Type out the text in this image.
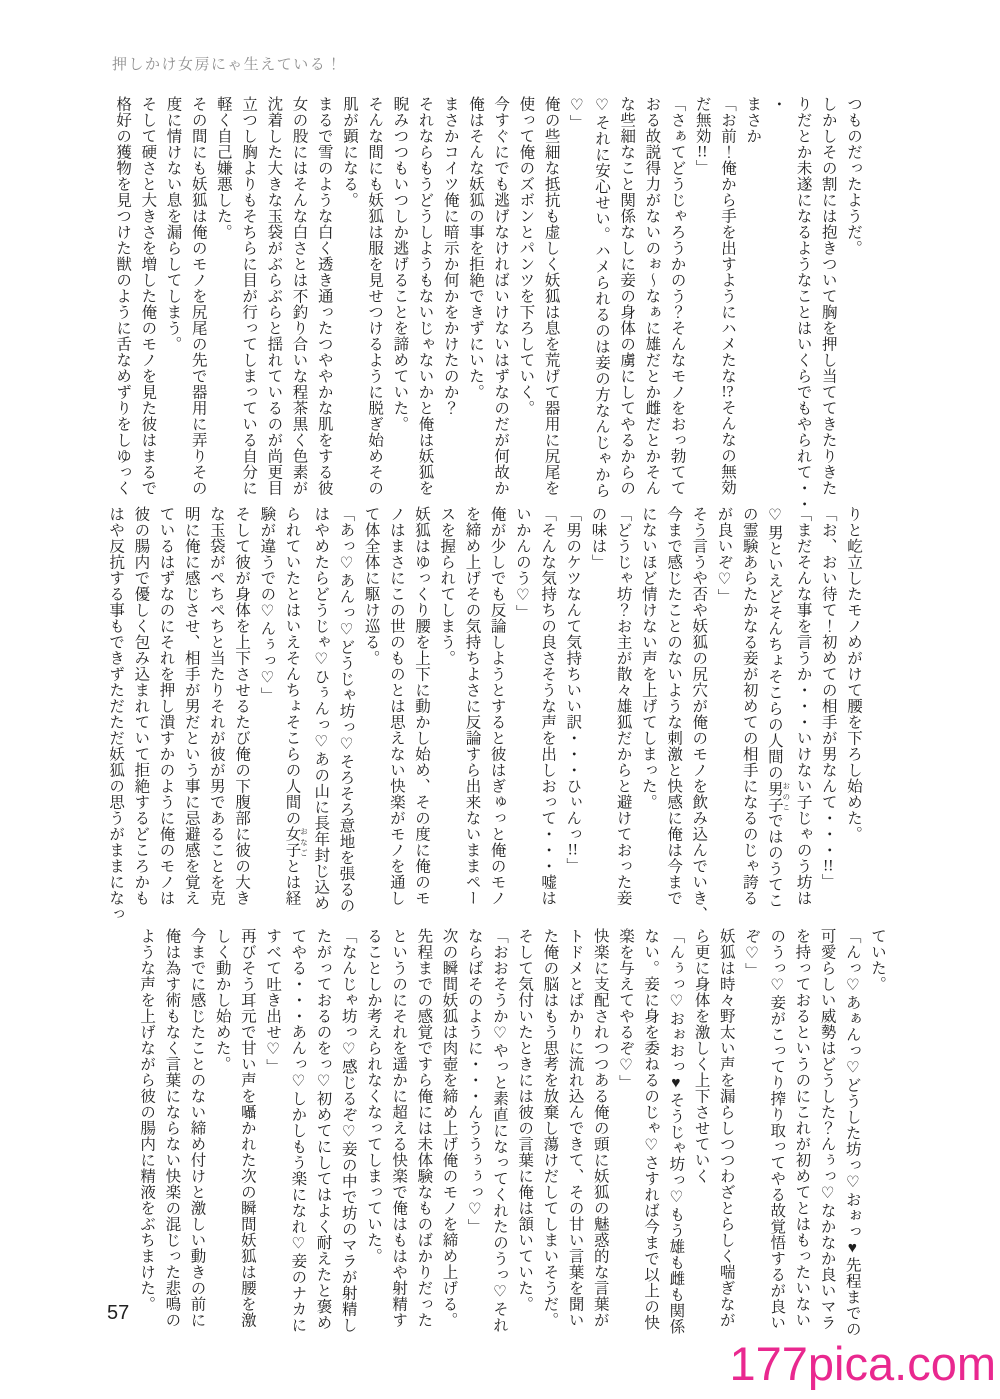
押しかけ女房にゃ生えている！
つものだったようだ。
しかしその割には抱きついて胸を押し当ててきたりきた
りだとか未遂になるようなことはいくらでもやられて・・
・
まさか
「お前！俺から手を出すようにハメたな!?そんなの無効
だ無効!!」
「さぁてどうじゃろうかのう？そんなモノをおっ勃てて
おる故説得力がないのぉ〜なぁに雄だとか雌だとかそん
な些細なこと関係なしに妾の身体の虜にしてやるからの
♡それに安心せい。ハメられるのは妾の方なんじゃから
♡」
俺の些細な抵抗も虚しく妖狐は息を荒げて器用に尻尾を
使って俺のズボンとパンツを下ろしていく。
今すぐにでも逃げなければいけないはずなのだが何故か
俺はそんな妖狐の事を拒絶できずにいた。
まさかコイツ俺に暗示か何かをかけたのか？
それならもうどうしようもないじゃないかと俺は妖狐を
睨みつつもいつしか逃げることを諦めていた。
そんな間にも妖狐は服を見せつけるように脱ぎ始めその
肌が顕になる。
まるで雪のような白く透き通ったつややかな肌をする彼
女の股にはそんな白さとは不釣り合いな程茶黒く色素が
沈着した大きな玉袋がぶらぶらと揺れているのが尚更目
立つし胸よりもそちらに目が行ってしまっている自分に
軽く自己嫌悪した。
その間にも妖狐は俺のモノを尻尾の先で器用に弄りその
度に情けない息を漏らしてしまう。
そして硬さと大きさを増した俺のモノを見た彼はまるで
格好の獲物を見つけた獣のように舌なめずりをしゆっく
りと屹立したモノめがけて腰を下ろし始めた。
「お、おい待て！初めての相手が男なんて・・・!!」
「まだそんな事を言うか・・・いけない子じゃのう坊は
♡男といえどそんちょそこらの人間の男子 おのこではのうてこ
の霊験あらたかなる妾が初めての相手になるのじゃ誇る
が良いぞ♡」
そう言うや否や妖狐の尻穴が俺のモノを飲み込んでいき、
今まで感じたことのないような刺激と快感に俺は今まで
にないほど情けない声を上げてしまった。
「どうじゃ坊？お主が散々雄狐だからと避けておった妾
の味は」
「男のケツなんて気持ちいい訳・・・ひぃんっ!!」
「そんな気持ちの良さそうな声を出しおって・・・嘘は
いかんのう♡」
俺が少しでも反論しようとすると彼はぎゅっと俺のモノ
を締め上げその気持ちよさに反論すら出来ないままペー
スを握られてしまう。
妖狐はゆっくり腰を上下に動かし始め、その度に俺のモ
ノはまさにこの世のものとは思えない快楽がモノを通し
て体全体に駆け巡る。
「あっ♡あんっ♡どうじゃ坊っ♡そろそろ意地を張るの
はやめたらどうじゃ♡ひぅんっ♡あの山に長年封じ込め
られていたとはいえそんちょそこらの人間の女子 おなごとは経
験が違うでの♡んぅっ♡」
そして彼が身体を上下させるたび俺の下腹部に彼の大き
な玉袋がぺちぺちと当たりそれが彼が男であることを克
明に俺に感じさせ、相手が男だという事に忌避感を覚え
ているはずなのにそれを押し潰すかのように俺のモノは
彼の腸内で優しく包み込まれていて拒絶するどころかも
はや反抗する事もできずただただ妖狐の思うがままになっ
ていた。
「んっ♡あぁんっ♡どうした坊っ♡おぉっ♥先程までの
可愛らしい威勢はどうした？んぅっ♡なかなか良いマラ
を持っておるというのにこれが初めてとはもったいない
のうっ♡妾がこってり搾り取ってやる故覚悟するが良い
ぞ♡」
妖狐は時々野太い声を漏らしつつわざとらしく喘ぎなが
ら更に身体を激しく上下させていく
「んぅっ♡おぉおっ♥そうじゃ坊っ♡もう雄も雌も関係
ない。妾に身を委ねるのじゃ♡さすれば今まで以上の快
楽を与えてやるぞ♡」
快楽に支配されつつある俺の頭に妖狐の魅惑的な言葉が
トドメとばかりに流れ込んできて、その甘い言葉を聞い
た俺の脳はもう思考を放棄し蕩けだしてしまいそうだ。
そして気付いたときには彼の言葉に俺は頷いていた。
「おおそうか♡やっと素直になってくれたのうっ♡それ
ならばそのように・・・んううぅぅっ♡」
次の瞬間妖狐は肉壺を締め上げ俺のモノを締め上げる。
先程までの感覚ですら俺には未体験なものばかりだった
というのにそれを遥かに超える快楽で俺はもはや射精す
ることしか考えられなくなってしまっていた。
「なんじゃ坊っ♡感じるぞ♡妾の中で坊のマラが射精し
たがっておるのをっ♡初めてにしてはよく耐えたと褒め
てやる・・・あんっ♡しかしもう楽になれ♡妾のナカに
すべて吐き出せ♡」
再びそう耳元で甘い声を囁かれた次の瞬間妖狐は腰を激
しく動かし始めた。
今までに感じたことのない締め付けと激しい動きの前に
俺は為す術もなく言葉にならない快楽の混じった悲鳴の
ような声を上げながら彼の腸内に精液をぶちまけた。
57
177pica.com
